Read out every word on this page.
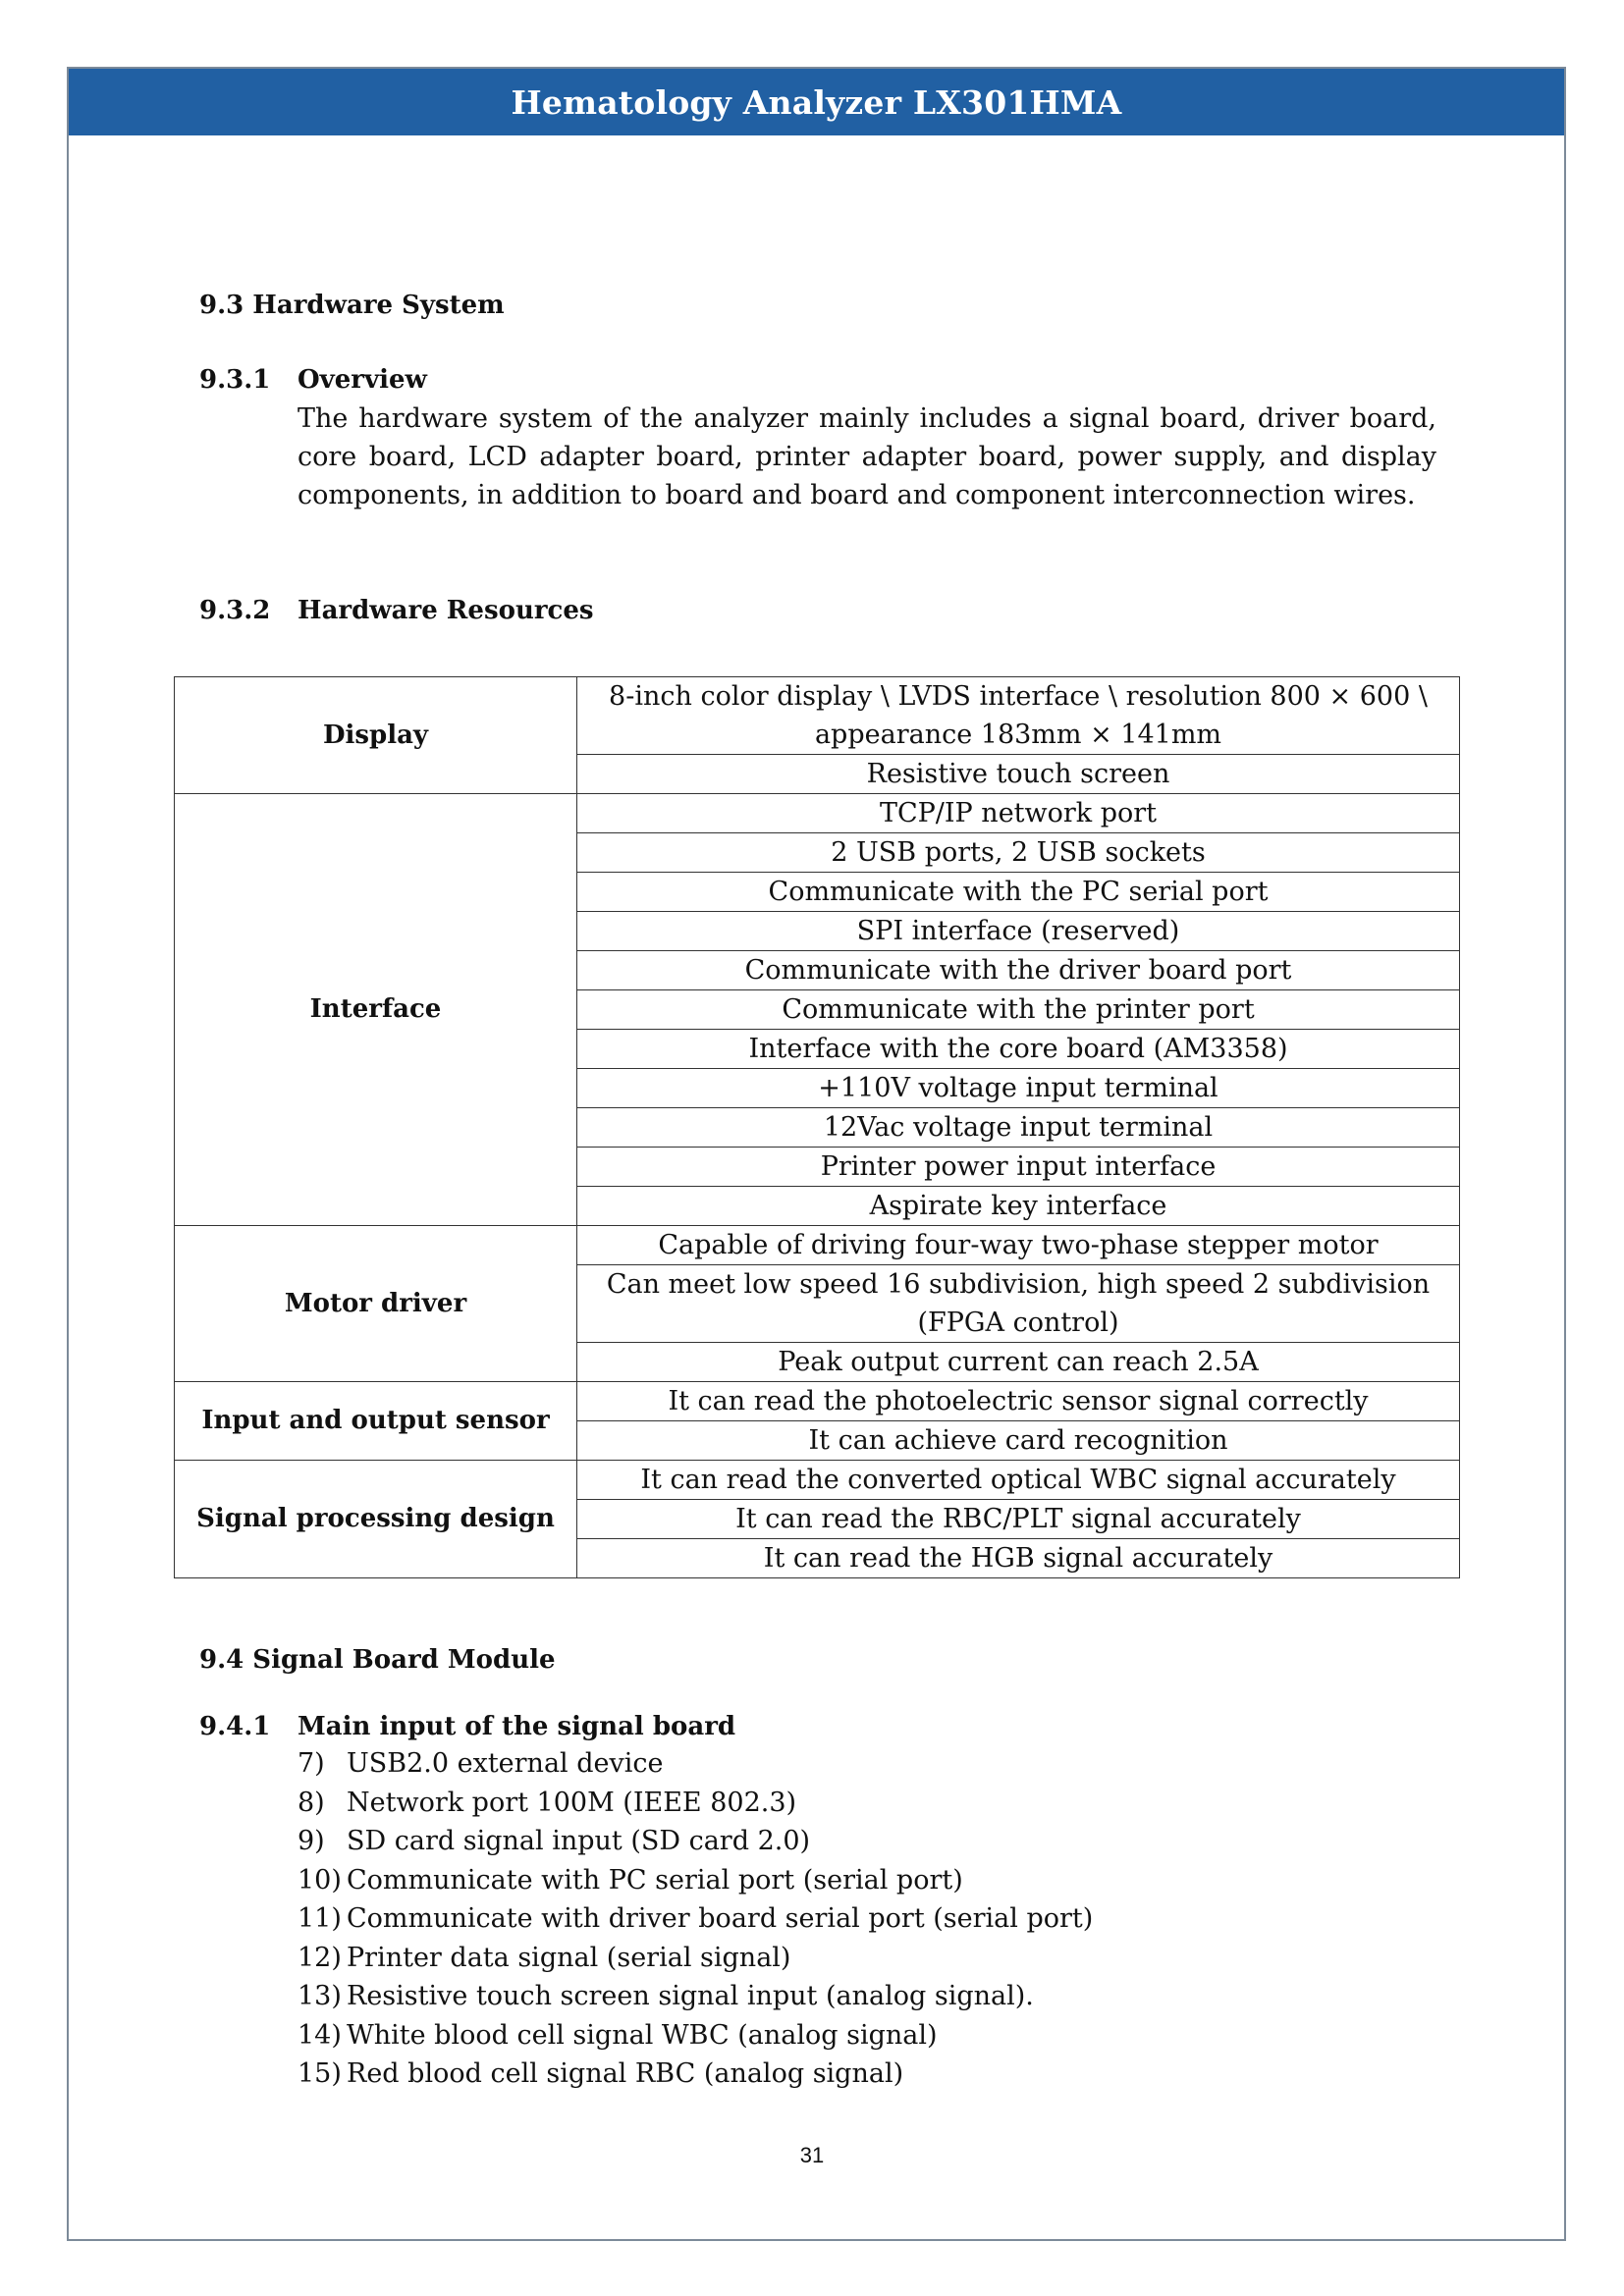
Hematology Analyzer LX301HMA
9.3 Hardware System
9.3.1 Overview
The hardware system of the analyzer mainly includes a signal board, driver board, core board, LCD adapter board, printer adapter board, power supply, and display components, in addition to board and board and component interconnection wires.
9.3.2 Hardware Resources
Display	8-inch color display \ LVDS interface \ resolution 800 × 600 \ appearance 183mm × 141mm
	Resistive touch screen
Interface	TCP/IP network port
	2 USB ports, 2 USB sockets
	Communicate with the PC serial port
	SPI interface (reserved)
	Communicate with the driver board port
	Communicate with the printer port
	Interface with the core board (AM3358)
	+110V voltage input terminal
	12Vac voltage input terminal
	Printer power input interface
	Aspirate key interface
Motor driver	Capable of driving four-way two-phase stepper motor
	Can meet low speed 16 subdivision, high speed 2 subdivision (FPGA control)
	Peak output current can reach 2.5A
Input and output sensor	It can read the photoelectric sensor signal correctly
	It can achieve card recognition
Signal processing design	It can read the converted optical WBC signal accurately
	It can read the RBC/PLT signal accurately
	It can read the HGB signal accurately
9.4 Signal Board Module
9.4.1 Main input of the signal board
7) USB2.0 external device
8) Network port 100M (IEEE 802.3)
9) SD card signal input (SD card 2.0)
10) Communicate with PC serial port (serial port)
11) Communicate with driver board serial port (serial port)
12) Printer data signal (serial signal)
13) Resistive touch screen signal input (analog signal).
14) White blood cell signal WBC (analog signal)
15) Red blood cell signal RBC (analog signal)
31
